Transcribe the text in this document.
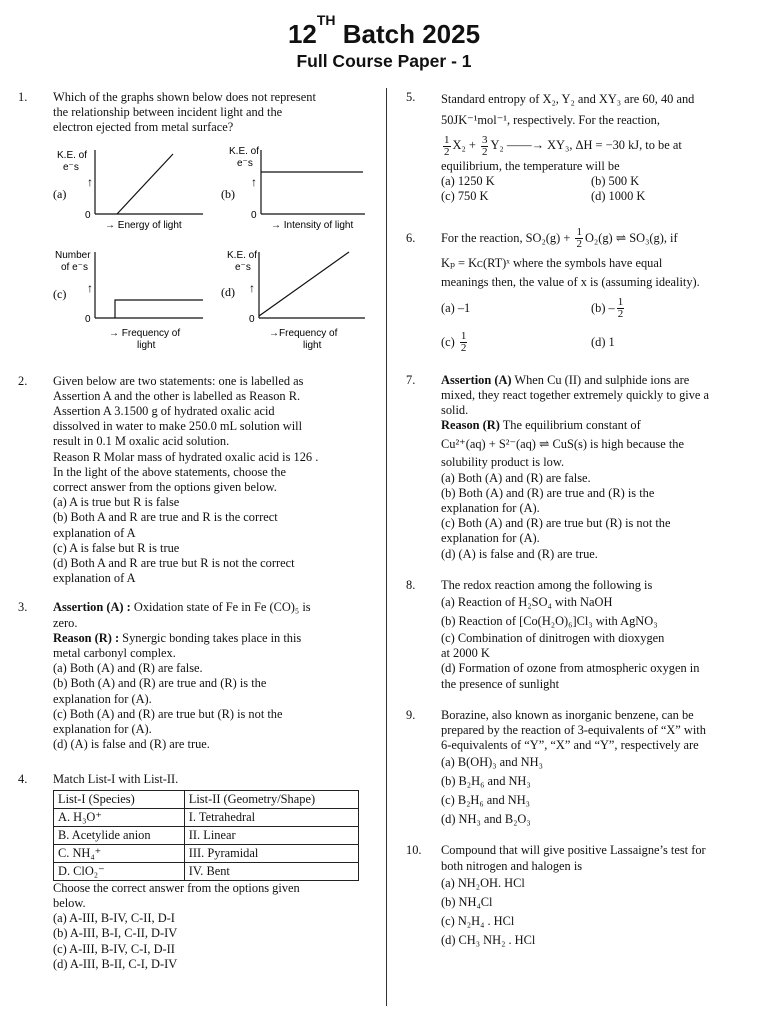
12TH Batch 2025
Full Course Paper - 1
1. Which of the graphs shown below does not represent
the relationship between incident light and the
electron ejected from metal surface?
K.E. of
e⁻s
↑
(a)
0
→ Energy of light
K.E. of
e⁻s
↑
(b)
0
→ Intensity of light
Number
of e⁻s
↑
(c)
0
→ Frequency of
light
K.E. of
e⁻s
↑
(d)
0
→Frequency of
light
2. Given below are two statements: one is labelled as
Assertion A and the other is labelled as Reason R.
Assertion A 3.1500 g of hydrated oxalic acid
dissolved in water to make 250.0 mL solution will
result in 0.1 M oxalic acid solution.
Reason R Molar mass of hydrated oxalic acid is 126 .
In the light of the above statements, choose the
correct answer from the options given below.
(a) A is true but R is false
(b) Both A and R are true and R is the correct
explanation of A
(c) A is false but R is true
(d) Both A and R are true but R is not the correct
explanation of A
3. Assertion (A) : Oxidation state of Fe in Fe (CO)₅ is
zero.
Reason (R) : Synergic bonding takes place in this
metal carbonyl complex.
(a) Both (A) and (R) are false.
(b) Both (A) and (R) are true and (R) is the
explanation for (A).
(c) Both (A) and (R) are true but (R) is not the
explanation for (A).
(d) (A) is false and (R) are true.
4. Match List-I with List-II.
List-I (Species)	List-II (Geometry/Shape)
A. H₃O⁺	I. Tetrahedral
B. Acetylide anion	II. Linear
C. NH₄⁺	III. Pyramidal
D. ClO₂⁻	IV. Bent
Choose the correct answer from the options given
below.
(a) A-III, B-IV, C-II, D-I
(b) A-III, B-I, C-II, D-IV
(c) A-III, B-IV, C-I, D-II
(d) A-III, B-II, C-I, D-IV
5. Standard entropy of X₂, Y₂ and XY₃ are 60, 40 and
50JK⁻¹mol⁻¹, respectively. For the reaction,
$\frac{1}{2} X_2 + \frac{3}{2} Y_2$ ——→ XY₃, ΔH = −30 kJ, to be at
equilibrium, the temperature will be
(a) 1250 K	(b) 500 K
(c) 750 K	(d) 1000 K
6. For the reaction, $SO_2(g) + \frac{1}{2} O_2(g)$ ⇌ SO₃(g), if
Kₚ = Kᴄ(RT)ˣ where the symbols have equal
meanings then, the value of x is (assuming ideality).
(a) –1	$(b) - \frac{1}{2}$
$(c) \frac{1}{2}$	(d) 1
7. Assertion (A) When Cu (II) and sulphide ions are
mixed, they react together extremely quickly to give a
solid.
Reason (R) The equilibrium constant of
Cu²⁺(aq) + S²⁻(aq) ⇌ CuS(s) is high because the
solubility product is low.
(a) Both (A) and (R) are false.
(b) Both (A) and (R) are true and (R) is the
explanation for (A).
(c) Both (A) and (R) are true but (R) is not the
explanation for (A).
(d) (A) is false and (R) are true.
8. The redox reaction among the following is
(a) Reaction of H₂SO₄ with NaOH
(b) Reaction of [Co(H₂O)₆]Cl₃ with AgNO₃
(c) Combination of dinitrogen with dioxygen
at 2000 K
(d) Formation of ozone from atmospheric oxygen in
the presence of sunlight
9. Borazine, also known as inorganic benzene, can be
prepared by the reaction of 3-equivalents of “X” with
6-equivalents of “Y”, “X” and “Y”, respectively are
(a) B(OH)₃ and NH₃
(b) B₂H₆ and NH₃
(c) B₂H₆ and NH₃
(d) NH₃ and B₂O₃
10. Compound that will give positive Lassaigne’s test for
both nitrogen and halogen is
(a) NH₂OH. HCl
(b) NH₄Cl
(c) N₂H₄ . HCl
(d) CH₃ NH₂ . HCl
